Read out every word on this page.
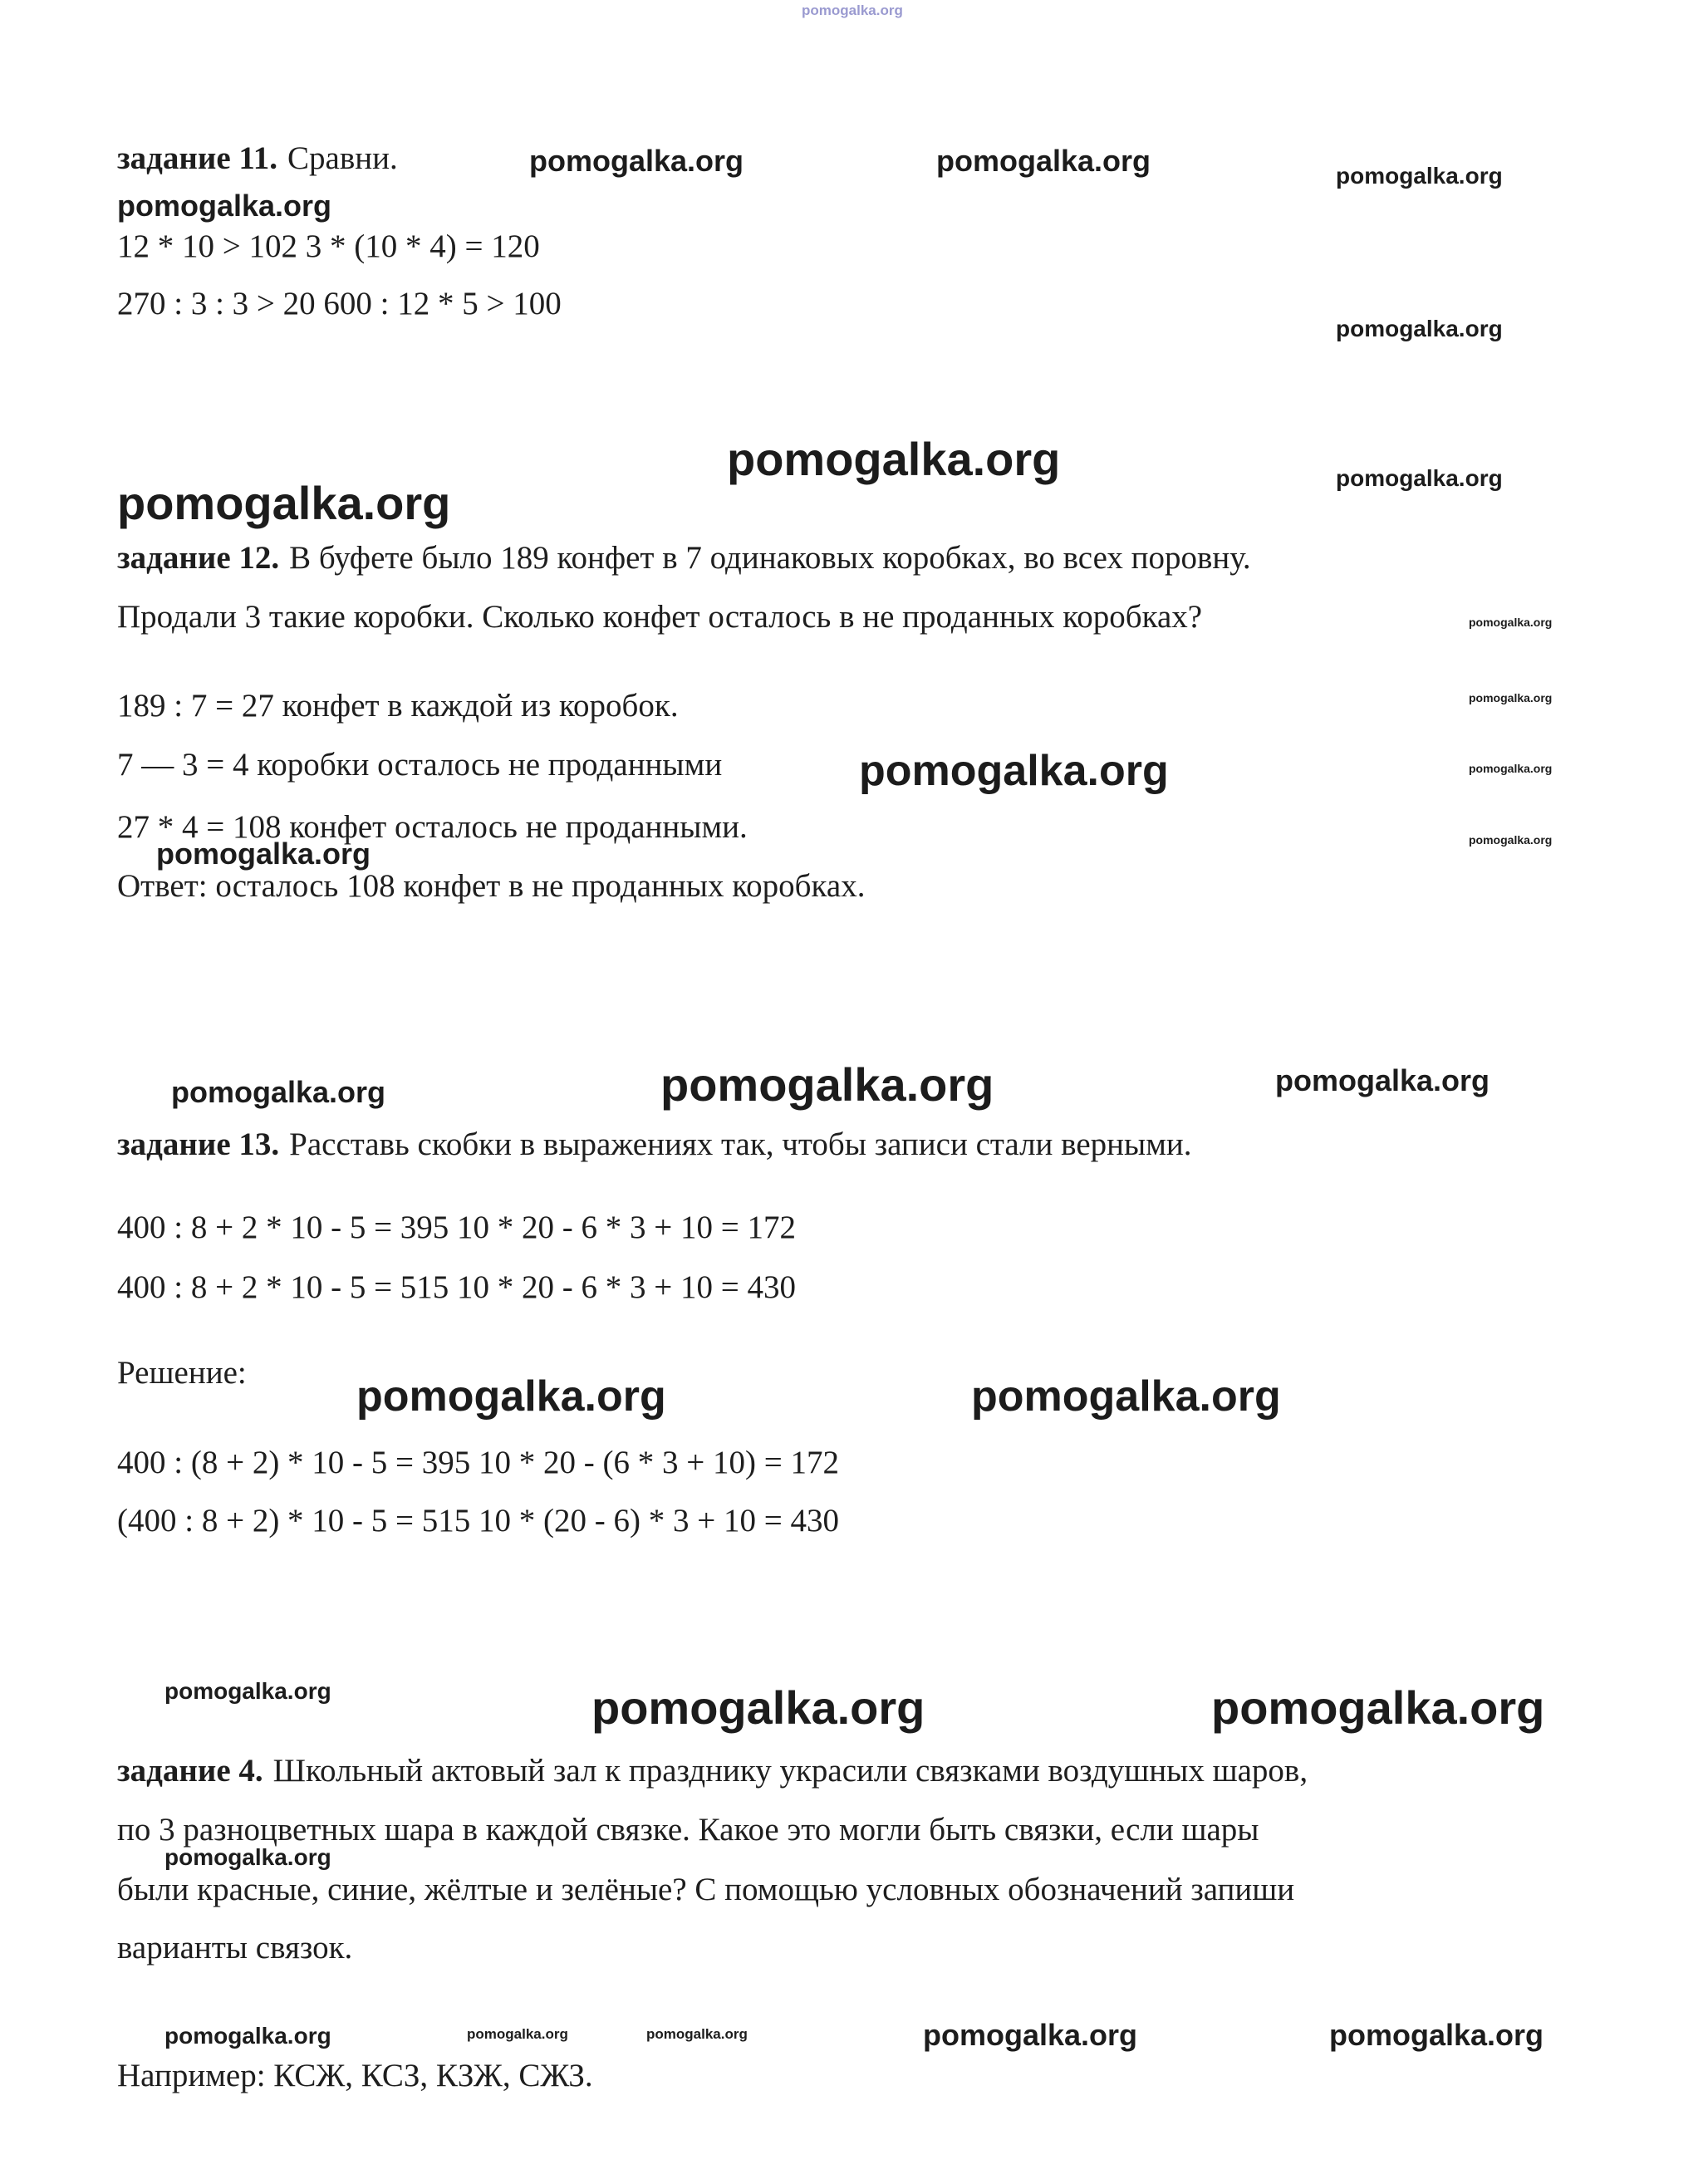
pomogalka.org
pomogalka.org	pomogalka.org	pomogalka.org
pomogalka.org
pomogalka.org
pomogalka.org	pomogalka.org
pomogalka.org
pomogalka.org
pomogalka.org
pomogalka.org	pomogalka.org
pomogalka.org	pomogalka.org
pomogalka.org	pomogalka.org	pomogalka.org
pomogalka.org	pomogalka.org
pomogalka.org	pomogalka.org	pomogalka.org
pomogalka.org
pomogalka.org	pomogalka.org	pomogalka.org	pomogalka.org	pomogalka.org
задание 11. Сравни.
12 * 10 > 102 3 * (10 * 4) = 120
270 : 3 : 3 > 20 600 : 12 * 5 > 100
задание 12. В буфете было 189 конфет в 7 одинаковых коробках, во всех поровну.
Продали 3 такие коробки. Сколько конфет осталось в не проданных коробках?
189 : 7 = 27 конфет в каждой из коробок.
7 — 3 = 4 коробки осталось не проданными
27 * 4 = 108 конфет осталось не проданными.
Ответ: осталось 108 конфет в не проданных коробках.
задание 13. Расставь скобки в выражениях так, чтобы записи стали верными.
400 : 8 + 2 * 10 - 5 = 395 10 * 20 - 6 * 3 + 10 = 172
400 : 8 + 2 * 10 - 5 = 515 10 * 20 - 6 * 3 + 10 = 430
Решение:
400 : (8 + 2) * 10 - 5 = 395 10 * 20 - (6 * 3 + 10) = 172
(400 : 8 + 2) * 10 - 5 = 515 10 * (20 - 6) * 3 + 10 = 430
задание 4. Школьный актовый зал к празднику украсили связками воздушных шаров,
по 3 разноцветных шара в каждой связке. Какое это могли быть связки, если шары
были красные, синие, жёлтые и зелёные? С помощью условных обозначений запиши
варианты связок.
Например: КСЖ, КСЗ, КЗЖ, СЖЗ.
